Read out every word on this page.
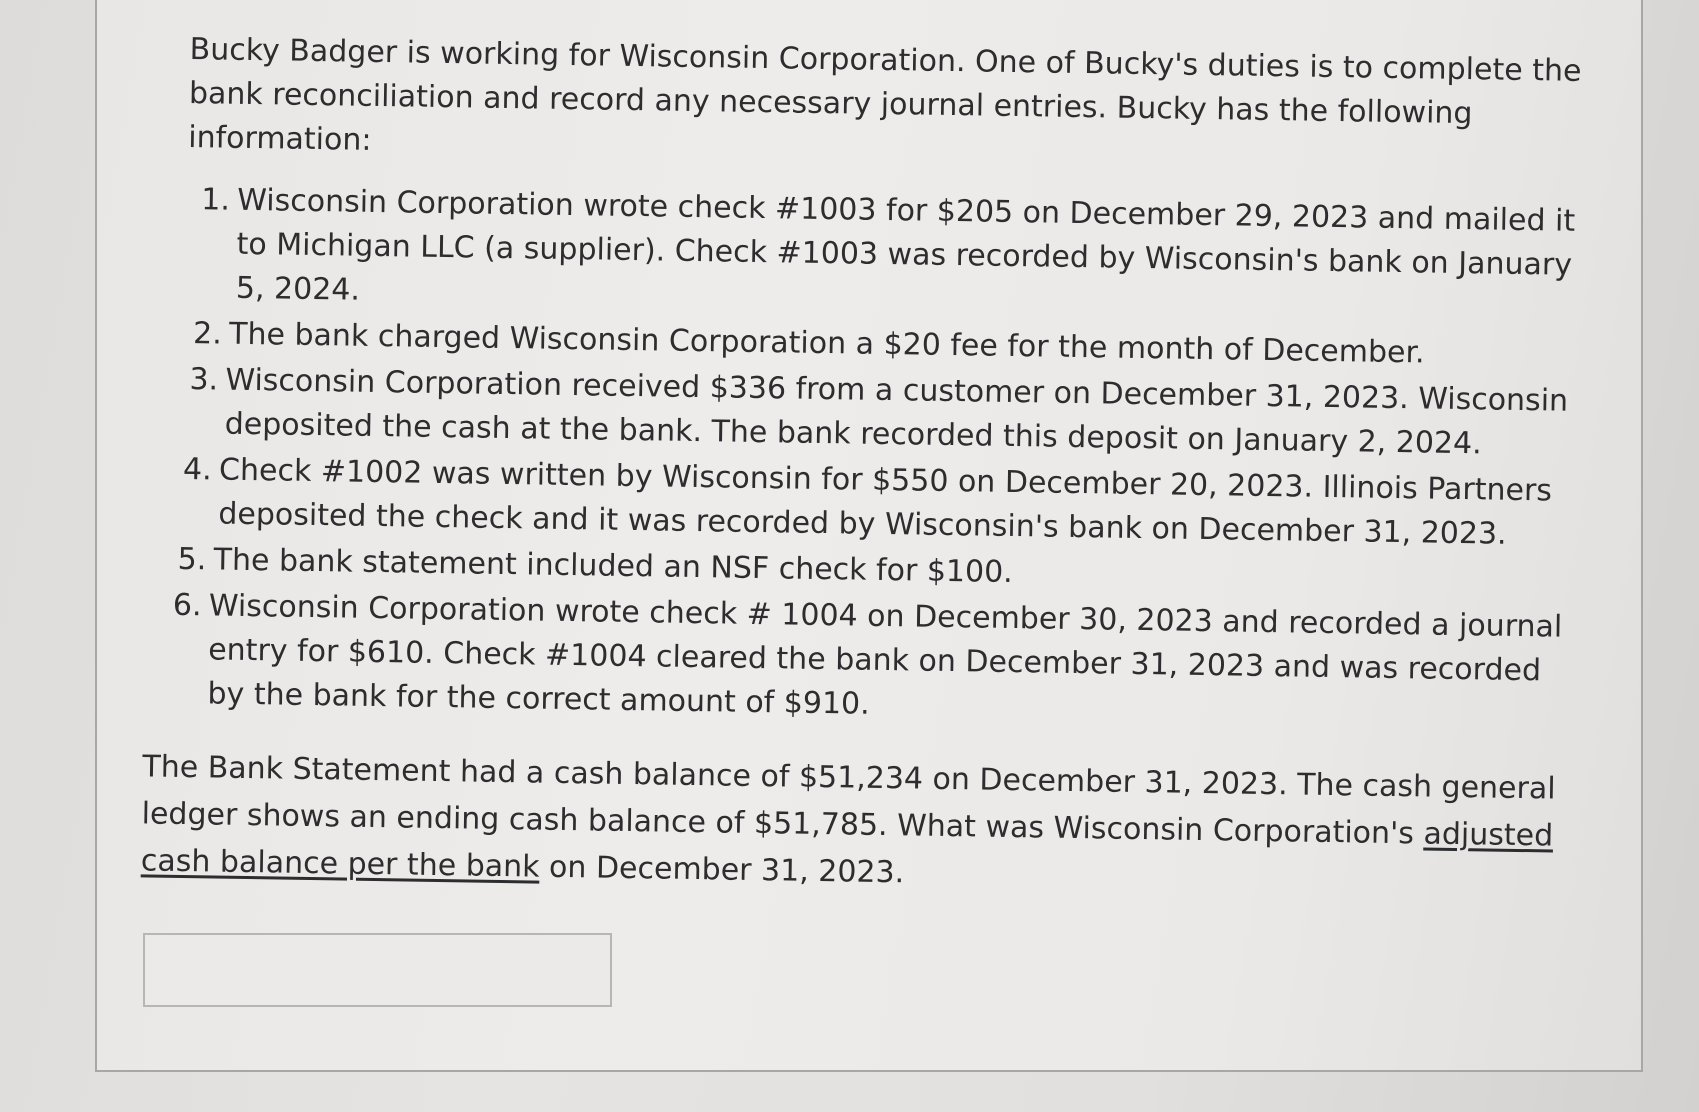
Bucky Badger is working for Wisconsin Corporation. One of Bucky's duties is to complete the bank reconciliation and record any necessary journal entries. Bucky has the following information:

1. Wisconsin Corporation wrote check #1003 for $205 on December 29, 2023 and mailed it to Michigan LLC (a supplier). Check #1003 was recorded by Wisconsin's bank on January 5, 2024.
2. The bank charged Wisconsin Corporation a $20 fee for the month of December.
3. Wisconsin Corporation received $336 from a customer on December 31, 2023. Wisconsin deposited the cash at the bank. The bank recorded this deposit on January 2, 2024.
4. Check #1002 was written by Wisconsin for $550 on December 20, 2023. Illinois Partners deposited the check and it was recorded by Wisconsin's bank on December 31, 2023.
5. The bank statement included an NSF check for $100.
6. Wisconsin Corporation wrote check # 1004 on December 30, 2023 and recorded a journal entry for $610. Check #1004 cleared the bank on December 31, 2023 and was recorded by the bank for the correct amount of $910.

The Bank Statement had a cash balance of $51,234 on December 31, 2023. The cash general ledger shows an ending cash balance of $51,785. What was Wisconsin Corporation's adjusted cash balance per the bank on December 31, 2023.
